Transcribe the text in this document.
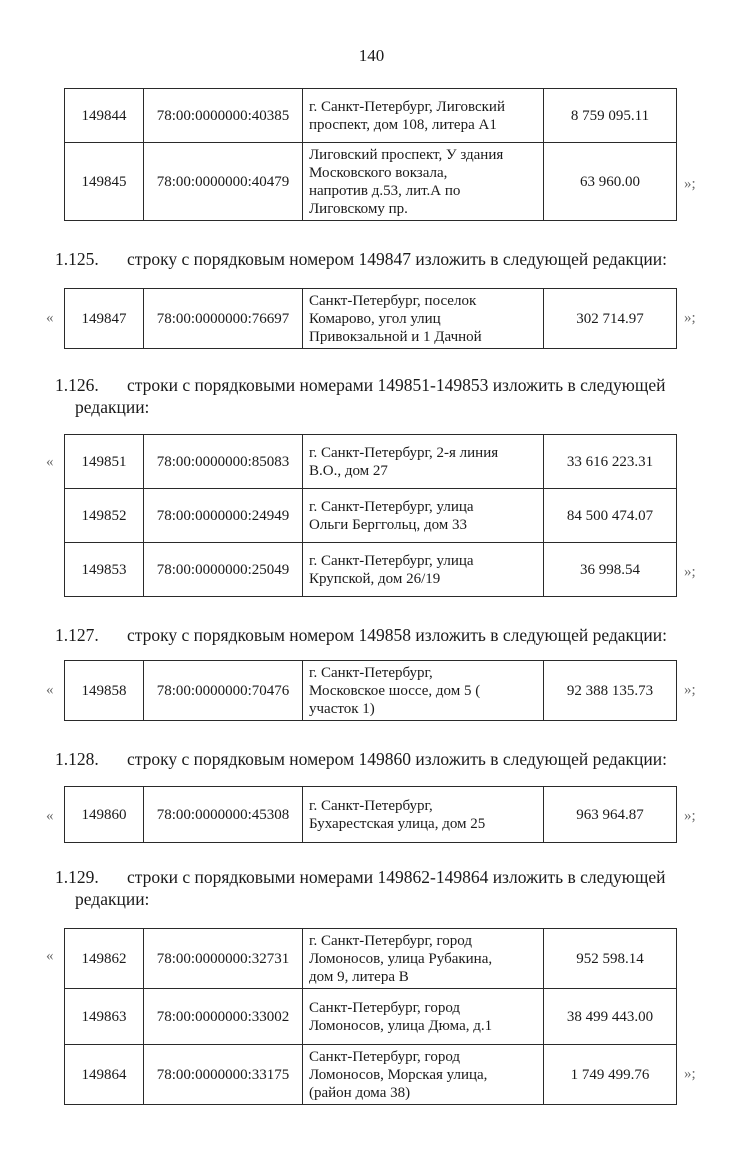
140
149844	78:00:0000000:40385	г. Санкт-Петербург, Лиговский
проспект, дом 108, литера А1	8 759 095.11
149845	78:00:0000000:40479	Лиговский проспект, У здания
Московского вокзала,
напротив д.53, лит.А по
Лиговскому пр.	63 960.00	»;
1.125. строку с порядковым номером 149847 изложить в следующей редакции:
« 149847	78:00:0000000:76697	
Санкт-Петербург, поселок
Комарово, угол улиц
Привокзальной и 1 Дачной
	302 714.97	»;
1.126. строки с порядковыми номерами 149851-149853 изложить в следующей
редакции:
« 149851	78:00:0000000:85083	г. Санкт-Петербург, 2-я линия
В.О., дом 27	33 616 223.31
149852	78:00:0000000:24949	г. Санкт-Петербург, улица
Ольги Берггольц, дом 33	84 500 474.07
149853	78:00:0000000:25049	г. Санкт-Петербург, улица
Крупской, дом 26/19	36 998.54	»;
1.127. строку с порядковым номером 149858 изложить в следующей редакции:
« 149858	78:00:0000000:70476	
г. Санкт-Петербург,
Московское шоссе, дом 5 (
участок 1)
	92 388 135.73 »;
1.128. строку с порядковым номером 149860 изложить в следующей редакции:
« 149860	78:00:0000000:45308	
г. Санкт-Петербург,
Бухарестская улица, дом 25
	963 964.87	»;
1.129. строки с порядковыми номерами 149862-149864 изложить в следующей
редакции:
« 149862	78:00:0000000:32731	г. Санкт-Петербург, город
Ломоносов, улица Рубакина,
дом 9, литера В	952 598.14
149863	78:00:0000000:33002	Санкт-Петербург, город
Ломоносов, улица Дюма, д.1	38 499 443.00
149864	78:00:0000000:33175	Санкт-Петербург, город
Ломоносов, Морская улица,
(район дома 38)	1 749 499.76 »;
